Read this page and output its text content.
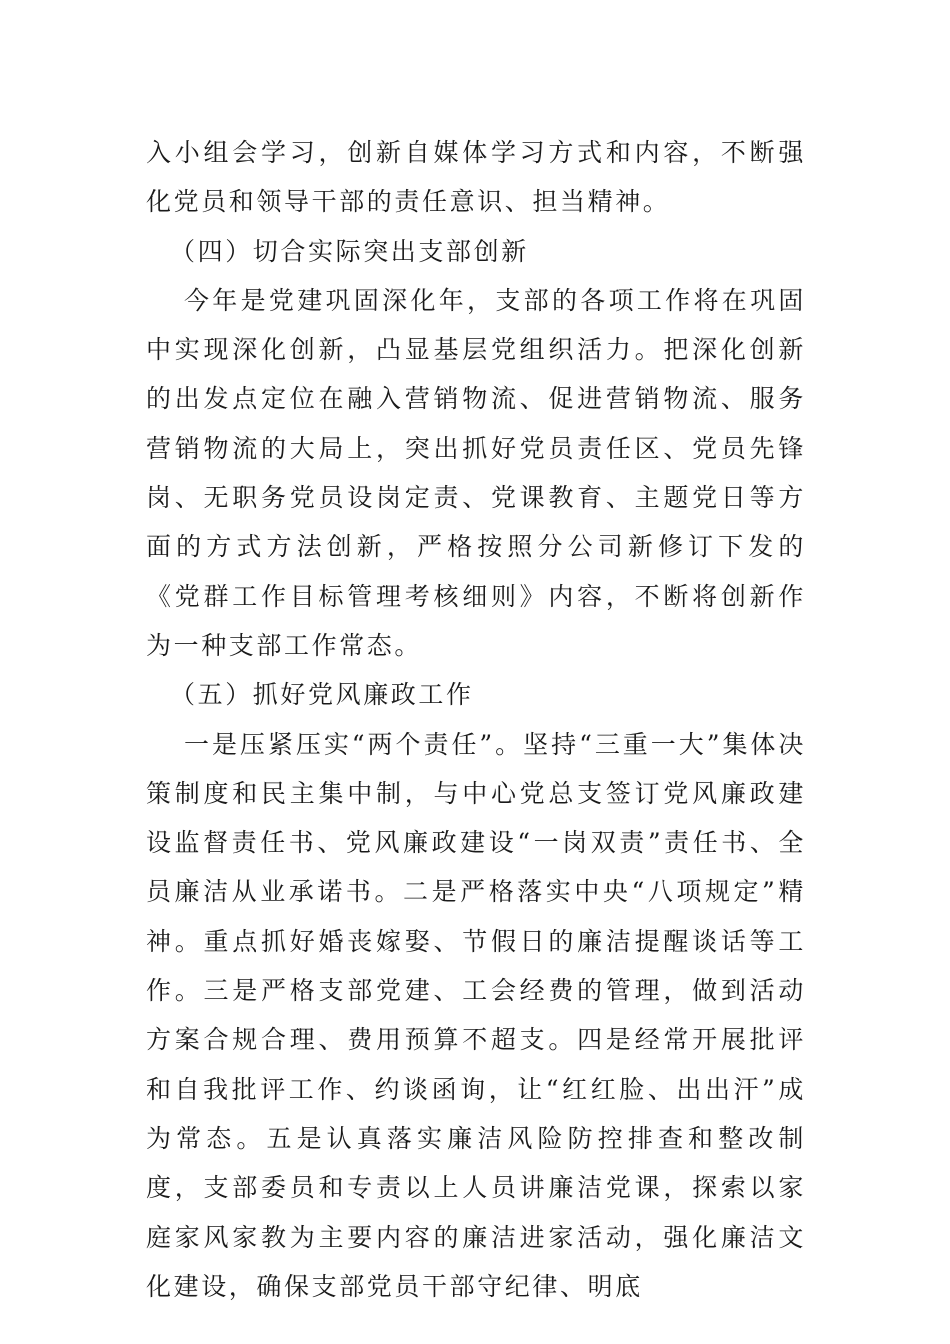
入小组会学习，创新自媒体学习方式和内容，不断强化党员和领导干部的责任意识、担当精神。

（四）切合实际突出支部创新

今年是党建巩固深化年，支部的各项工作将在巩固中实现深化创新，凸显基层党组织活力。把深化创新的出发点定位在融入营销物流、促进营销物流、服务营销物流的大局上，突出抓好党员责任区、党员先锋岗、无职务党员设岗定责、党课教育、主题党日等方面的方式方法创新，严格按照分公司新修订下发的《党群工作目标管理考核细则》内容，不断将创新作为一种支部工作常态。

（五）抓好党风廉政工作

一是压紧压实“两个责任”。坚持“三重一大”集体决策制度和民主集中制，与中心党总支签订党风廉政建设监督责任书、党风廉政建设“一岗双责”责任书、全员廉洁从业承诺书。二是严格落实中央“八项规定”精神。重点抓好婚丧嫁娶、节假日的廉洁提醒谈话等工作。三是严格支部党建、工会经费的管理，做到活动方案合规合理、费用预算不超支。四是经常开展批评和自我批评工作、约谈函询，让“红红脸、出出汗”成为常态。五是认真落实廉洁风险防控排查和整改制度，支部委员和专责以上人员讲廉洁党课，探索以家庭家风家教为主要内容的廉洁进家活动，强化廉洁文化建设，确保支部党员干部守纪律、明底
